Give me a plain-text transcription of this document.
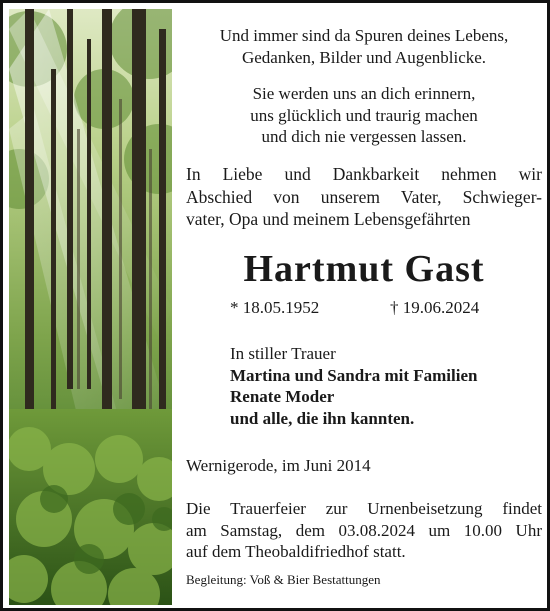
Und immer sind da Spuren deines Lebens,

Gedanken, Bilder und Augenblicke.

Sie werden uns an dich erinnern,

uns glücklich und traurig machen

und dich nie vergessen lassen.

In Liebe und Dankbarkeit nehmen wir
Abschied von unserem Vater, Schwieger-
vater, Opa und meinem Lebensgefährten
Hartmut Gast
* 18.05.1952	† 19.06.2024
In stiller Trauer
Martina und Sandra mit Familien
Renate Moder
und alle, die ihn kannten.
Wernigerode, im Juni 2014
Die Trauerfeier zur Urnenbeisetzung findet
am Samstag, dem 03.08.2024 um 10.00 Uhr
auf dem Theobaldifriedhof statt.
Begleitung: Voß & Bier Bestattungen
